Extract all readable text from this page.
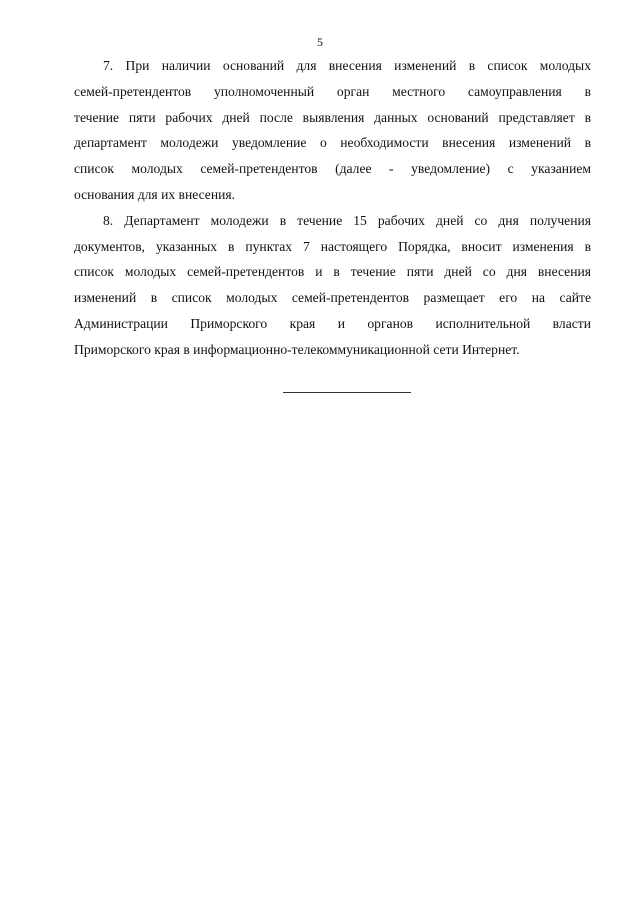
5
7. При наличии оснований для внесения изменений в список молодых
семей-претендентов уполномоченный орган местного самоуправления в
течение пяти рабочих дней после выявления данных оснований представляет в
департамент молодежи уведомление о необходимости внесения изменений в
список молодых семей-претендентов (далее - уведомление) с указанием
основания для их внесения.
8. Департамент молодежи в течение 15 рабочих дней со дня получения
документов, указанных в пунктах 7 настоящего Порядка, вносит изменения в
список молодых семей-претендентов и в течение пяти дней со дня внесения
изменений в список молодых семей-претендентов размещает его на сайте
Администрации Приморского края и органов исполнительной власти
Приморского края в информационно-телекоммуникационной сети Интернет.
